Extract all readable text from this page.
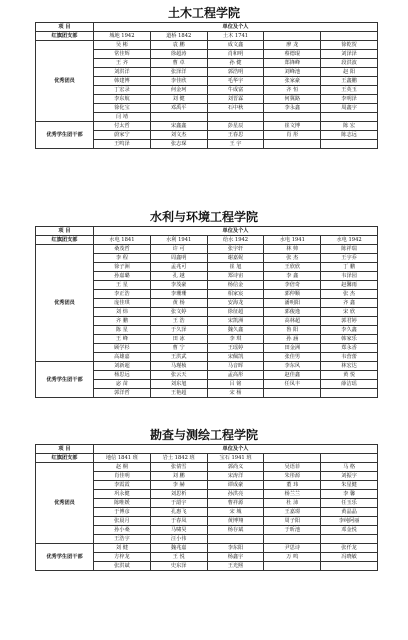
土木工程学院
项 目	单位及个人				
红旗团支部	城地 1942	道桥 1842	土木 1741		
优秀团员	吴 彬	袁 鹏	成文鑫	廖 龙	徐乾贺
	常佳辉	徐超涛	肖和明	蔡德琨	刘泽泽
	王 齐	曹 卓	孙 健	郑锋峰	段洪波
	刘洪洋	张泽洋	郭浩明	刘峰池	赵 阳
	韩建博	李佳欣	毛华宇	张家豪	王鑫鹏
	丁宏录	何金珂	牛成富	齐 恒	王英玉
	李东航	刘 健	刘晋霖	何冀路	李明泽
	徐化宝	邓禹平	石中秋	李永鑫	周鑫宇
	闫 靖				
优秀学生团干部	付太哲	宋鑫鑫	彭星辰	崔文博	陈 宏
	蔚家宁	刘文杰	王春思	肖 彤	陈志远
	王鸣泽	张志琛	王 宇		
水利与环境工程学院
项 目	单位及个人				
红旗团支部	水电 1841	水利 1941	给水 1942	水电 1941	水电 1942
优秀团员	桑茂哲	许 可	张宇轩	林 帅	陈祥瑞
	李 程	周鑫明	谢嘉妮	张 杰	王宇乔
	徐子洲	孟兆可	崔 旭	王欣欣	丁 鹏
	孙嘉璐	孔 越	郑诗宙	李 鑫	韦泽园
	王 星	李茂豪	杨信金	李倍奇	赵馨雨
	李正浩	李珊珊	相家宸	郭仲顺	张 杰
	庞佳琪	黄 杨	安海龙	潘明阳	齐 鑫
	刘 炜	张文婷	徐征超	郭俊逸	宋 欣
	齐 鹏	王 浩	宋凯洲	高林超	郭君婷
	陈 星	于久泽	魏久鑫	鲁 阳	李久鑫
	王 峰	田 冰	李 琪	孙 涵	韩家乐
	顾学杉	曹 宁	王瑶婷	田金洲	郑永香
	高雄嘉	王洪武	宋佩凯	张佳男	韦营蕾
优秀学生团干部	刘新超	马瑾桢	马音晖	李东风	林宏达
	杨思远	张云天	孟高彤	赵佳鑫	黄 悦
	宓 苗	刘东旭	吕 铭	任凤丰	薛洁瑶
	郭洋哲	王艳超	宋 杨		
勘查与测绘工程学院
项 目	单位及个人				
红旗团支部	地信 1841 班	岩土 1842 班	宝石 1941 班		
优秀团员	赵 桐	张倩雪	郭尚义	吴语菲	马 格
	肖佳明	刘 鹏	宋涛洋	朱彤源	刘振宇
	李霞霞	李 赫	谭成豪	董 玮	朱星健
	巩永健	刘思析	孙洪亮	杨兰兰	李 馨
	陈唯媛	于韶宇	曹祥源	杜 沛	任玉乐
	于博彦	孔惠飞	宋 城	王嘉璟	黄晶晶
	张晨月	于春凤	黄博翔	周子阳	李纯阿丽
	孙小桑	马啸昊	杨存斌	于昕池	邓金悦
	王浩宇	汪小伟			
优秀学生团干部	刘 健	魏兆嘉	李东阳	尹思诗	张仟龙
	方梓龙	王 悦	杨鑫宇	万 鸣	冯晓敏
	张洪斌	史东泽	王光熙		
